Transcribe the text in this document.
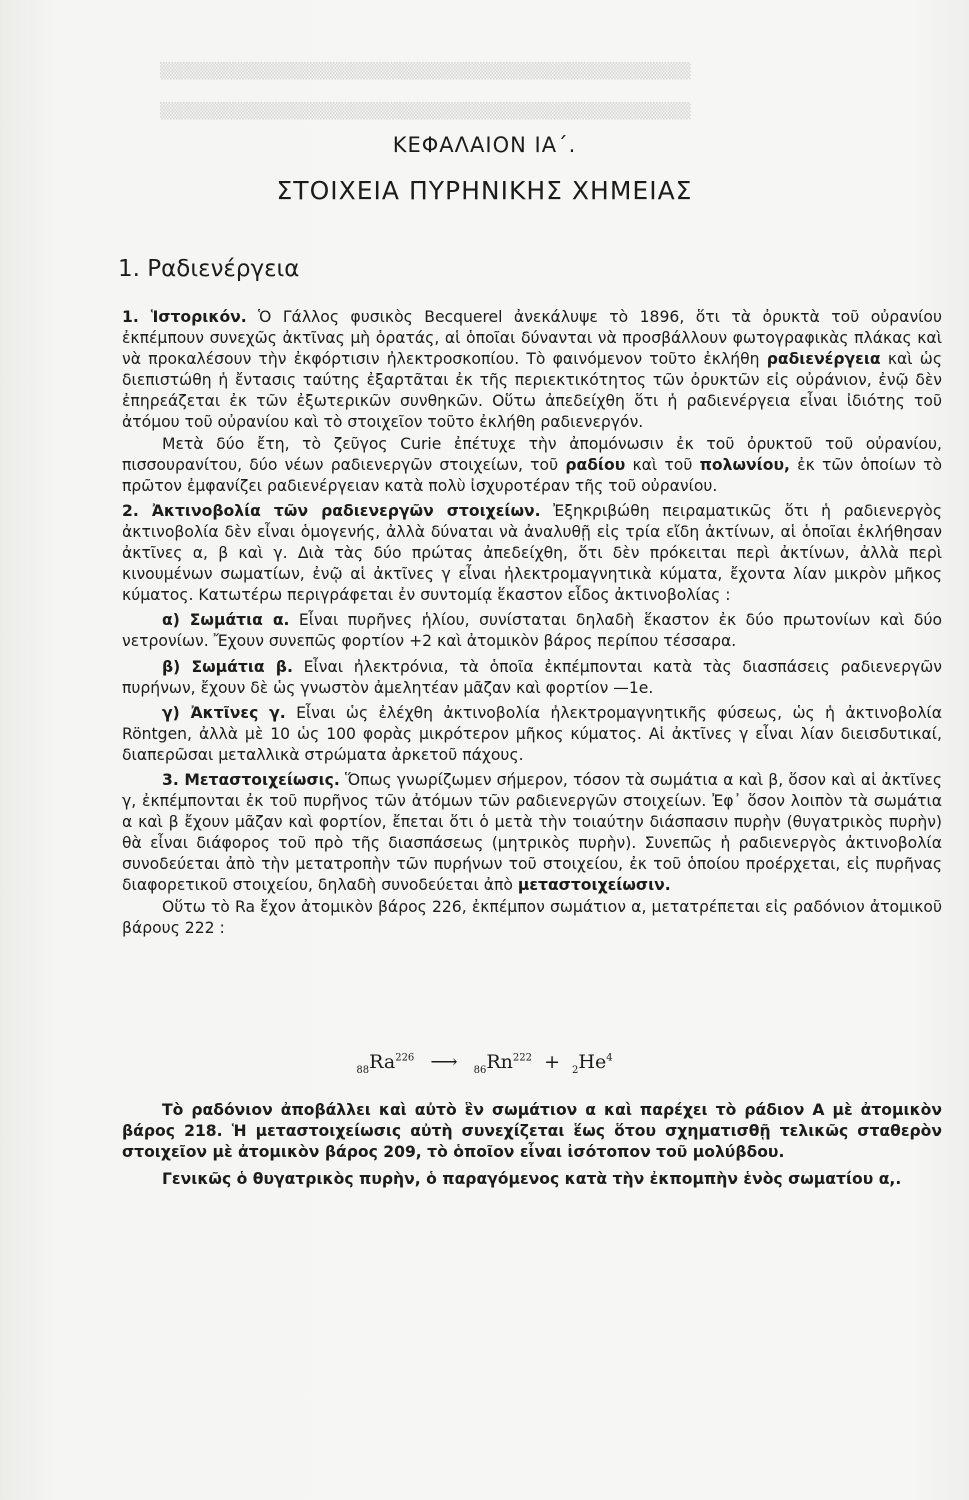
▒▒▒▒▒▒▒▒▒▒▒▒▒▒▒▒▒▒▒▒▒▒▒▒▒▒▒▒▒▒▒▒▒▒▒▒▒▒▒▒▒▒▒▒▒▒
▒▒▒▒▒▒▒▒▒▒▒▒▒▒▒▒▒▒▒▒▒▒▒▒▒▒▒▒▒▒▒▒▒▒▒▒▒▒▒▒▒▒▒▒▒▒
ΚΕΦΑΛΑΙΟΝ ΙΑ΄.
ΣΤΟΙΧΕΙΑ ΠΥΡΗΝΙΚΗΣ ΧΗΜΕΙΑΣ
1. Ραδιενέργεια

1. Ἱστορικόν. Ὁ Γάλλος φυσικὸς Becquerel ἀνεκάλυψε τὸ 1896, ὅτι τὰ ὀρυκτὰ τοῦ οὐρανίου ἐκπέμπουν συνεχῶς ἀκτῖνας μὴ ὁρατάς, αἱ ὁποῖαι δύνανται νὰ προσβάλλουν φωτογραφικὰς πλάκας καὶ νὰ προκαλέσουν τὴν ἐκφόρτισιν ἠλεκτροσκοπίου. Τὸ φαινόμενον τοῦτο ἐκλήθη ραδιενέργεια καὶ ὡς διεπιστώθη ἡ ἔντασις ταύτης ἐξαρτᾶται ἐκ τῆς περιεκτικότητος τῶν ὀρυκτῶν εἰς οὐράνιον, ἐνῷ δὲν ἐπηρεάζεται ἐκ τῶν ἐξωτερικῶν συνθηκῶν. Οὕτω ἀπεδείχθη ὅτι ἡ ραδιενέργεια εἶναι ἰδιότης τοῦ ἀτόμου τοῦ οὐρανίου καὶ τὸ στοιχεῖον τοῦτο ἐκλήθη ραδιενεργόν.

Μετὰ δύο ἔτη, τὸ ζεῦγος Curie ἐπέτυχε τὴν ἀπομόνωσιν ἐκ τοῦ ὀρυκτοῦ τοῦ οὐρανίου, πισσουρανίτου, δύο νέων ραδιενεργῶν στοιχείων, τοῦ ραδίου καὶ τοῦ πολωνίου, ἐκ τῶν ὁποίων τὸ πρῶτον ἐμφανίζει ραδιενέργειαν κατὰ πολὺ ἰσχυροτέραν τῆς τοῦ οὐρανίου.

2. Ἀκτινοβολία τῶν ραδιενεργῶν στοιχείων. Ἐξηκριβώθη πειραματικῶς ὅτι ἡ ραδιενεργὸς ἀκτινοβολία δὲν εἶναι ὁμογενής, ἀλλὰ δύναται νὰ ἀναλυθῇ εἰς τρία εἴδη ἀκτίνων, αἱ ὁποῖαι ἐκλήθησαν ἀκτῖνες α, β καὶ γ. Διὰ τὰς δύο πρώτας ἀπεδείχθη, ὅτι δὲν πρόκειται περὶ ἀκτίνων, ἀλλὰ περὶ κινουμένων σωματίων, ἐνῷ αἱ ἀκτῖνες γ εἶναι ἠλεκτρομαγνητικὰ κύματα, ἔχοντα λίαν μικρὸν μῆκος κύματος. Κατωτέρω περιγράφεται ἐν συντομίᾳ ἕκαστον εἶδος ἀκτινοβολίας :

α) Σωμάτια α. Εἶναι πυρῆνες ἡλίου, συνίσταται δηλαδὴ ἕκαστον ἐκ δύο πρωτονίων καὶ δύο νετρονίων. Ἔχουν συνεπῶς φορτίον +2 καὶ ἀτομικὸν βάρος περίπου τέσσαρα.

β) Σωμάτια β. Εἶναι ἠλεκτρόνια, τὰ ὁποῖα ἐκπέμπονται κατὰ τὰς διασπάσεις ραδιενεργῶν πυρήνων, ἔχουν δὲ ὡς γνωστὸν ἀμελητέαν μᾶζαν καὶ φορτίον —1e.

γ) Ἀκτῖνες γ. Εἶναι ὡς ἐλέχθη ἀκτινοβολία ἠλεκτρομαγνητικῆς φύσεως, ὡς ἡ ἀκτινοβολία Röntgen, ἀλλὰ μὲ 10 ὡς 100 φορὰς μικρότερον μῆκος κύματος. Αἱ ἀκτῖνες γ εἶναι λίαν διεισδυτικαί, διαπερῶσαι μεταλλικὰ στρώματα ἀρκετοῦ πάχους.

3. Μεταστοιχείωσις. Ὅπως γνωρίζωμεν σήμερον, τόσον τὰ σωμάτια α καὶ β, ὅσον καὶ αἱ ἀκτῖνες γ, ἐκπέμπονται ἐκ τοῦ πυρῆνος τῶν ἀτόμων τῶν ραδιενεργῶν στοιχείων. Ἐφ᾽ ὅσον λοιπὸν τὰ σωμάτια α καὶ β ἔχουν μᾶζαν καὶ φορτίον, ἔπεται ὅτι ὁ μετὰ τὴν τοιαύτην διάσπασιν πυρὴν (θυγατρικὸς πυρὴν) θὰ εἶναι διάφορος τοῦ πρὸ τῆς διασπάσεως (μητρικὸς πυρὴν). Συνεπῶς ἡ ραδιενεργὸς ἀκτινοβολία συνοδεύεται ἀπὸ τὴν μετατροπὴν τῶν πυρήνων τοῦ στοιχείου, ἐκ τοῦ ὁποίου προέρχεται, εἰς πυρῆνας διαφορετικοῦ στοιχείου, δηλαδὴ συνοδεύεται ἀπὸ μεταστοιχείωσιν.

Οὕτω τὸ Ra ἔχον ἀτομικὸν βάρος 226, ἐκπέμπον σωμάτιον α, μετατρέπεται εἰς ραδόνιον ἀτομικοῦ βάρους 222 :

$_{88}Ra^{226}$ ⟶ $_{86}Rn^{222} + _2He^4$

Τὸ ραδόνιον ἀποβάλλει καὶ αὐτὸ ἓν σωμάτιον α καὶ παρέχει τὸ ράδιον Α μὲ ἀτομικὸν βάρος 218. Ἡ μεταστοιχείωσις αὐτὴ συνεχίζεται ἕως ὅτου σχηματισθῇ τελικῶς σταθερὸν στοιχεῖον μὲ ἀτομικὸν βάρος 209, τὸ ὁποῖον εἶναι ἰσότοπον τοῦ μολύβδου.

Γενικῶς ὁ θυγατρικὸς πυρὴν, ὁ παραγόμενος κατὰ τὴν ἐκπομπὴν ἑνὸς σωματίου α,.
